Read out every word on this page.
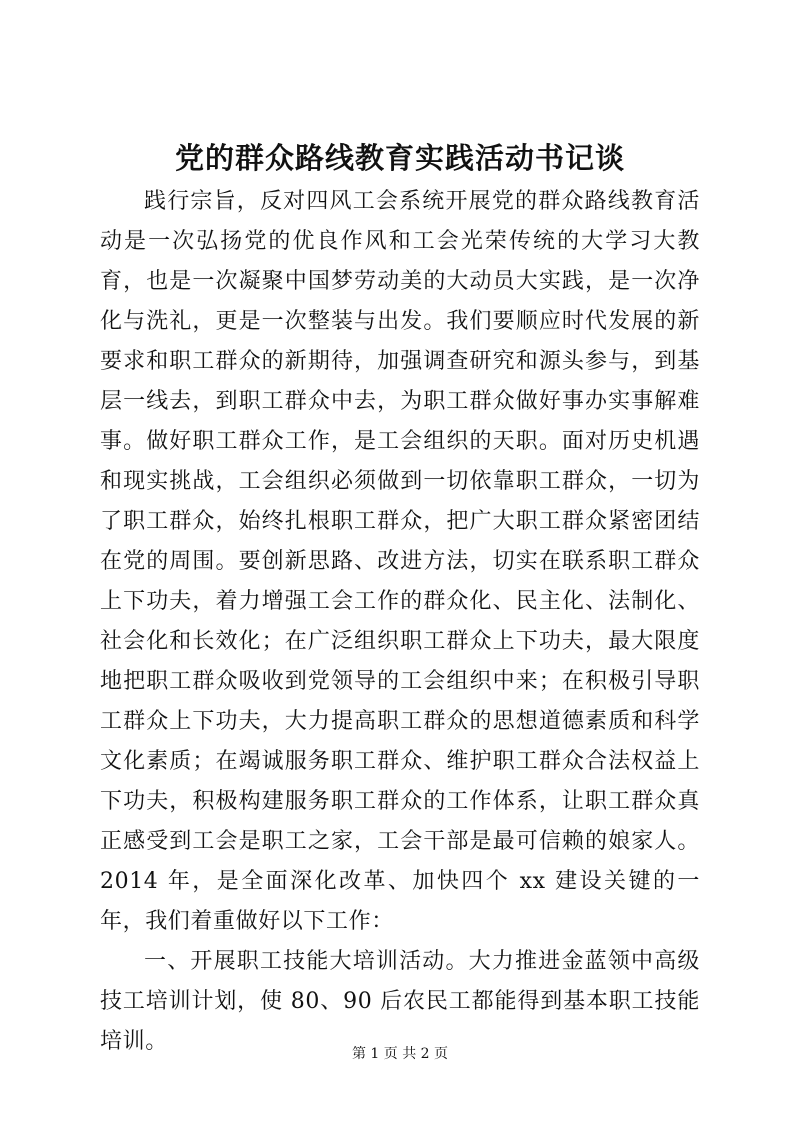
党的群众路线教育实践活动书记谈

践行宗旨，反对四风工会系统开展党的群众路线教育活动是一次弘扬党的优良作风和工会光荣传统的大学习大教育，也是一次凝聚中国梦劳动美的大动员大实践，是一次净化与洗礼，更是一次整装与出发。我们要顺应时代发展的新要求和职工群众的新期待，加强调查研究和源头参与，到基层一线去，到职工群众中去，为职工群众做好事办实事解难事。做好职工群众工作，是工会组织的天职。面对历史机遇和现实挑战，工会组织必须做到一切依靠职工群众，一切为了职工群众，始终扎根职工群众，把广大职工群众紧密团结在党的周围。要创新思路、改进方法，切实在联系职工群众上下功夫，着力增强工会工作的群众化、民主化、法制化、社会化和长效化；在广泛组织职工群众上下功夫，最大限度地把职工群众吸收到党领导的工会组织中来；在积极引导职工群众上下功夫，大力提高职工群众的思想道德素质和科学文化素质；在竭诚服务职工群众、维护职工群众合法权益上下功夫，积极构建服务职工群众的工作体系，让职工群众真正感受到工会是职工之家，工会干部是最可信赖的娘家人。2014 年，是全面深化改革、加快四个 xx 建设关键的一年，我们着重做好以下工作：

一、开展职工技能大培训活动。大力推进金蓝领中高级技工培训计划，使 80、90 后农民工都能得到基本职工技能培训。	第 1 页 共 2 页
